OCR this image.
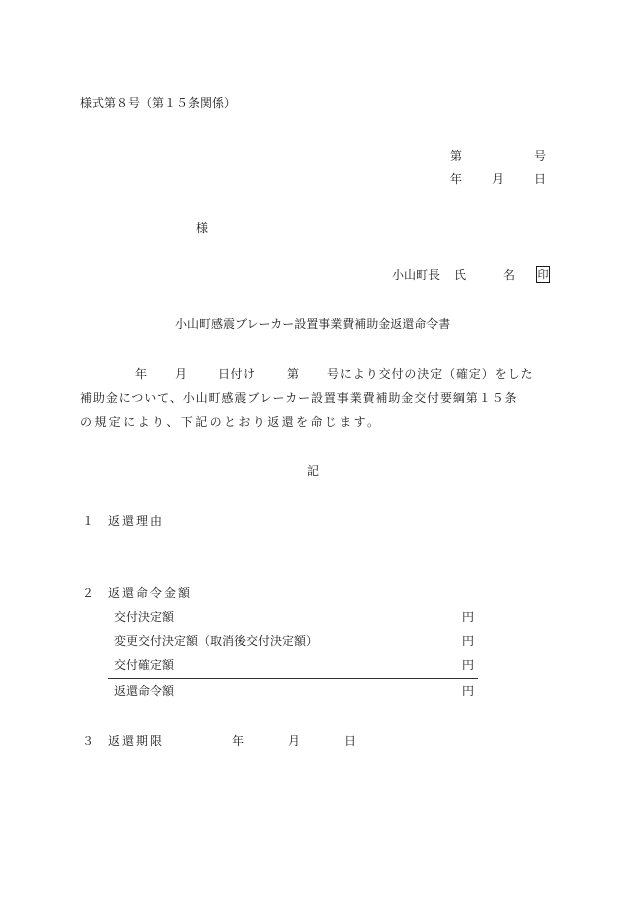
様式第８号（第１５条関係）
第	号
年 月 日
様
小山町長 氏	名 印
小山町感震ブレーカー設置事業費補助金返還命令書
年 月	日付け	第 号により交付の決定（確定）をした
補助金について、小山町感震ブレーカー設置事業費補助金交付要綱第１５条
の規定により、下記のとおり返還を命じます。
記
１ 返還理由
２ 返還命令金額
交付決定額	円
変更交付決定額（取消後交付決定額）	円
交付確定額	円
返還命令額	円
３ 返還期限	年	月	日
